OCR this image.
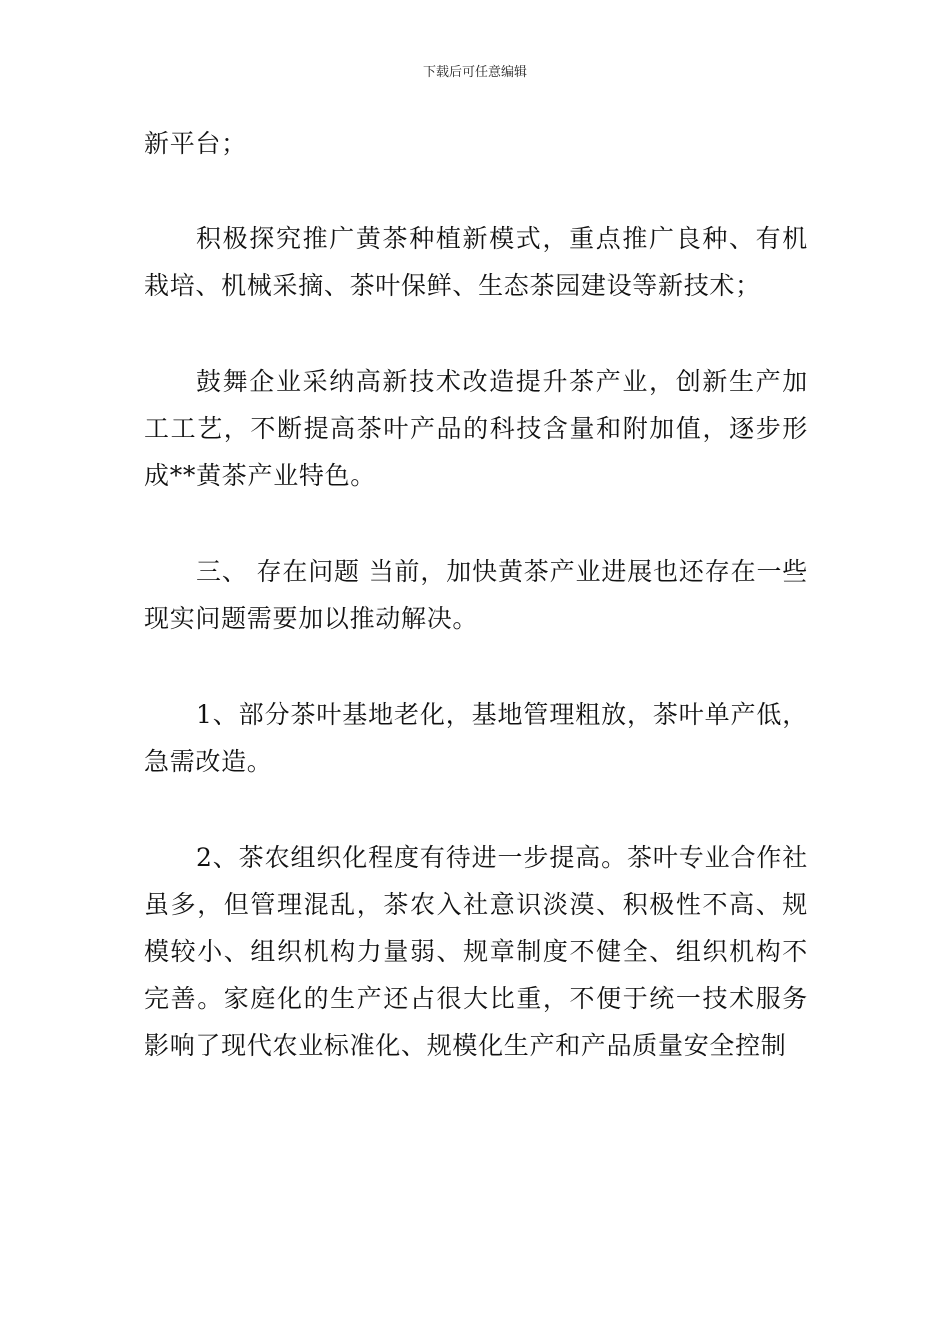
下载后可任意编辑

新平台；

积极探究推广黄茶种植新模式，重点推广良种、有机栽培、机械采摘、茶叶保鲜、生态茶园建设等新技术；

鼓舞企业采纳高新技术改造提升茶产业，创新生产加工工艺，不断提高茶叶产品的科技含量和附加值，逐步形成**黄茶产业特色。

三、 存在问题 当前，加快黄茶产业进展也还存在一些现实问题需要加以推动解决。

1、部分茶叶基地老化，基地管理粗放，茶叶单产低，急需改造。

2、茶农组织化程度有待进一步提高。茶叶专业合作社虽多，但管理混乱，茶农入社意识淡漠、积极性不高、规模较小、组织机构力量弱、规章制度不健全、组织机构不完善。家庭化的生产还占很大比重，不便于统一技术服务影响了现代农业标准化、规模化生产和产品质量安全控制
